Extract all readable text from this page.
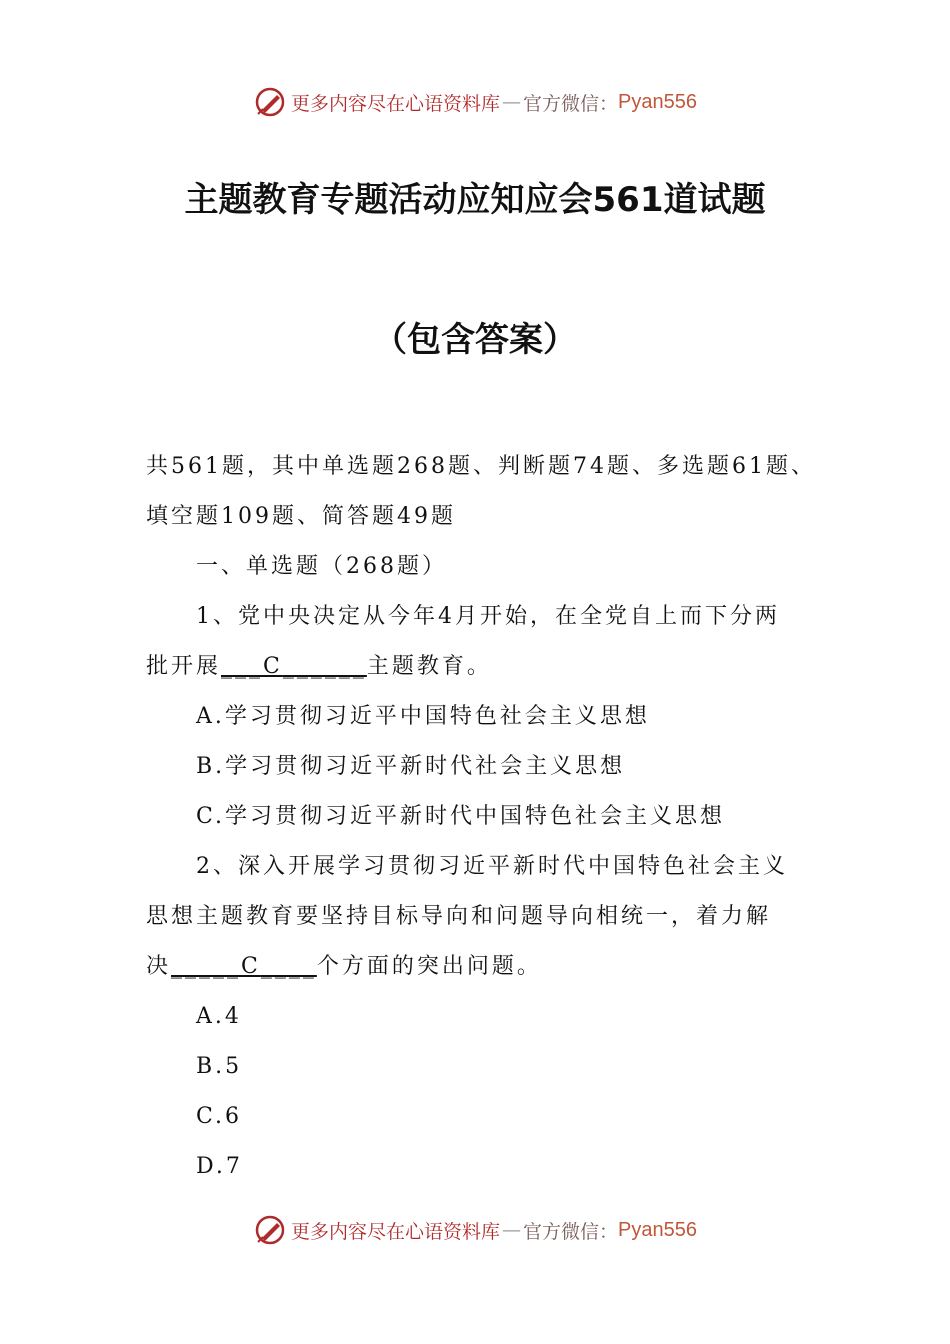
更多内容尽在心语资料库 — 官方微信： Pyan556
主题教育专题活动应知应会561道试题
（包含答案）

共561题，其中单选题268题、判断题74题、多选题61题、

填空题109题、简答题49题

一、单选题（268题）

1、党中央决定从今年4月开始，在全党自上而下分两

批开展___C______主题教育。

A.学习贯彻习近平中国特色社会主义思想

B.学习贯彻习近平新时代社会主义思想

C.学习贯彻习近平新时代中国特色社会主义思想

2、深入开展学习贯彻习近平新时代中国特色社会主义

思想主题教育要坚持目标导向和问题导向相统一，着力解

决_____C____个方面的突出问题。

A.4

B.5

C.6

D.7

更多内容尽在心语资料库 — 官方微信： Pyan556
